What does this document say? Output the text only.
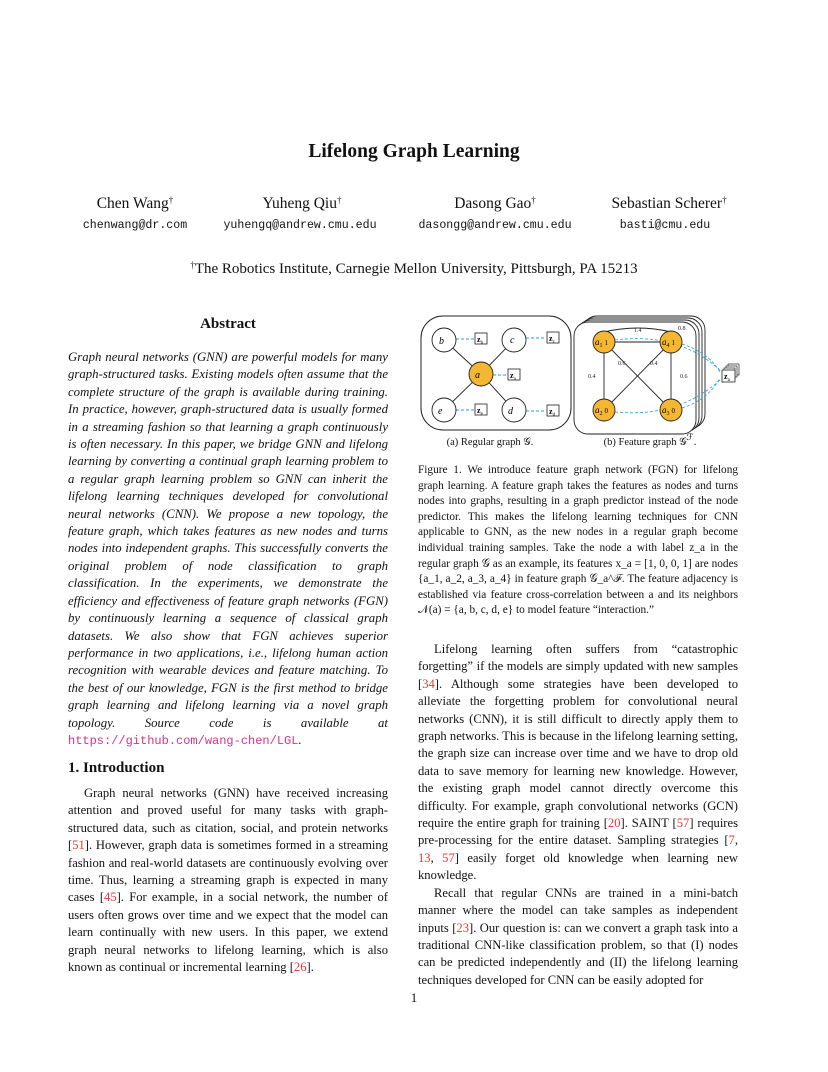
Lifelong Graph Learning
Chen Wang†	Yuheng Qiu†	Dasong Gao†	Sebastian Scherer†
chenwang@dr.com	yuhengq@andrew.cmu.edu	dasongg@andrew.cmu.edu	basti@cmu.edu
†The Robotics Institute, Carnegie Mellon University, Pittsburgh, PA 15213
Abstract
Graph neural networks (GNN) are powerful models for many graph-structured tasks. Existing models often assume that the complete structure of the graph is available during training. In practice, however, graph-structured data is usually formed in a streaming fashion so that learning a graph continuously is often necessary. In this paper, we bridge GNN and lifelong learning by converting a continual graph learning problem to a regular graph learning problem so GNN can inherit the lifelong learning techniques developed for convolutional neural networks (CNN). We propose a new topology, the feature graph, which takes features as new nodes and turns nodes into independent graphs. This successfully converts the original problem of node classification to graph classification. In the experiments, we demonstrate the efficiency and effectiveness of feature graph networks (FGN) by continuously learning a sequence of classical graph datasets. We also show that FGN achieves superior performance in two applications, i.e., lifelong human action recognition with wearable devices and feature matching. To the best of our knowledge, FGN is the first method to bridge graph learning and lifelong learning via a novel graph topology. Source code is available at https://github.com/wang-chen/LGL.
1. Introduction

Graph neural networks (GNN) have received increasing attention and proved useful for many tasks with graph-structured data, such as citation, social, and protein networks [51]. However, graph data is sometimes formed in a streaming fashion and real-world datasets are continuously evolving over time. Thus, learning a streaming graph is expected in many cases [45]. For example, in a social network, the number of users often grows over time and we expect that the model can learn continually with new users. In this paper, we extend graph neural networks to lifelong learning, which is also known as continual or incremental learning [26].

b	c
a
e	d
$z_b$
$z_c$
$z_a$
$z_e$	$z_d$
1.4	0.8
0.6	0.4
0.4	0.6
$a_1$ $^1$	$a_4$ $^1$
$a_2$ $^0$	$a_3$ $^0$
$z_a$
(a) Regular graph 𝒢.	(b) Feature graph 𝒢$^ℱ$.
Figure 1. We introduce feature graph network (FGN) for lifelong graph learning. A feature graph takes the features as nodes and turns nodes into graphs, resulting in a graph predictor instead of the node predictor. This makes the lifelong learning techniques for CNN applicable to GNN, as the new nodes in a regular graph become individual training samples. Take the node a with label z_a in the regular graph 𝒢 as an example, its features x_a = [1, 0, 0, 1] are nodes {a_1, a_2, a_3, a_4} in feature graph 𝒢_a^ℱ. The feature adjacency is established via feature cross-correlation between a and its neighbors 𝒩(a) = {a, b, c, d, e} to model feature “interaction.”

Lifelong learning often suffers from “catastrophic forgetting” if the models are simply updated with new samples [34]. Although some strategies have been developed to alleviate the forgetting problem for convolutional neural networks (CNN), it is still difficult to directly apply them to graph networks. This is because in the lifelong learning setting, the graph size can increase over time and we have to drop old data to save memory for learning new knowledge. However, the existing graph model cannot directly overcome this difficulty. For example, graph convolutional networks (GCN) require the entire graph for training [20]. SAINT [57] requires pre-processing for the entire dataset. Sampling strategies [7, 13, 57] easily forget old knowledge when learning new knowledge.

Recall that regular CNNs are trained in a mini-batch manner where the model can take samples as independent inputs [23]. Our question is: can we convert a graph task into a traditional CNN-like classification problem, so that (I) nodes can be predicted independently and (II) the lifelong learning techniques developed for CNN can be easily adopted for

1
